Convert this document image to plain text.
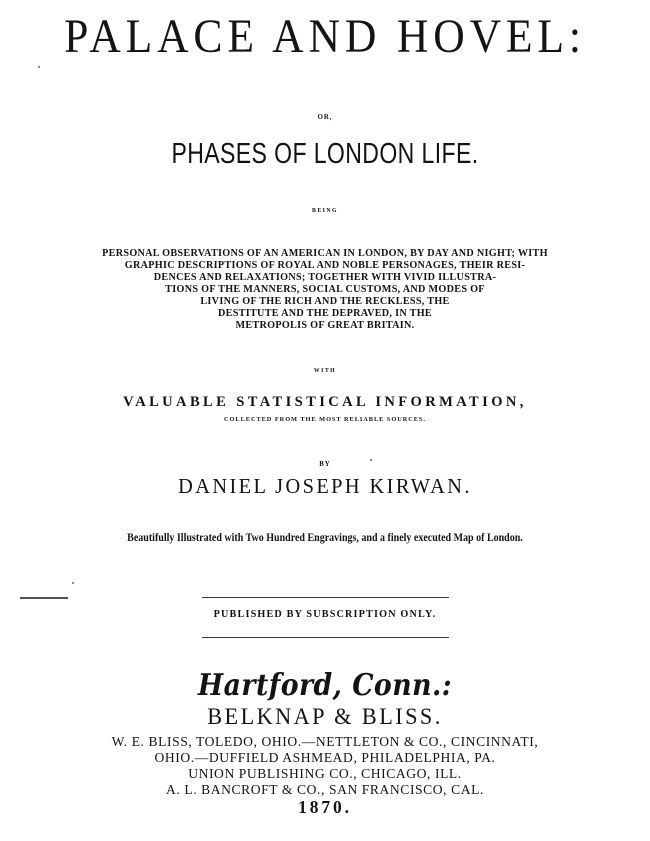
PALACE AND HOVEL:
OR,
PHASES OF LONDON LIFE.
BEING
PERSONAL OBSERVATIONS OF AN AMERICAN IN LONDON, BY DAY AND NIGHT; WITH
GRAPHIC DESCRIPTIONS OF ROYAL AND NOBLE PERSONAGES, THEIR RESI-
DENCES AND RELAXATIONS; TOGETHER WITH VIVID ILLUSTRA-
TIONS OF THE MANNERS, SOCIAL CUSTOMS, AND MODES OF
LIVING OF THE RICH AND THE RECKLESS, THE
DESTITUTE AND THE DEPRAVED, IN THE
METROPOLIS OF GREAT BRITAIN.
WITH
VALUABLE STATISTICAL INFORMATION,
COLLECTED FROM THE MOST RELIABLE SOURCES.
BY
DANIEL JOSEPH KIRWAN.
Beautifully Illustrated with Two Hundred Engravings, and a finely executed Map of London.
PUBLISHED BY SUBSCRIPTION ONLY.
Hartford, Conn.:
BELKNAP & BLISS.
W. E. BLISS, TOLEDO, OHIO.—NETTLETON & CO., CINCINNATI,
OHIO.—DUFFIELD ASHMEAD, PHILADELPHIA, PA.
UNION PUBLISHING CO., CHICAGO, ILL.
A. L. BANCROFT & CO., SAN FRANCISCO, CAL.
1870.
